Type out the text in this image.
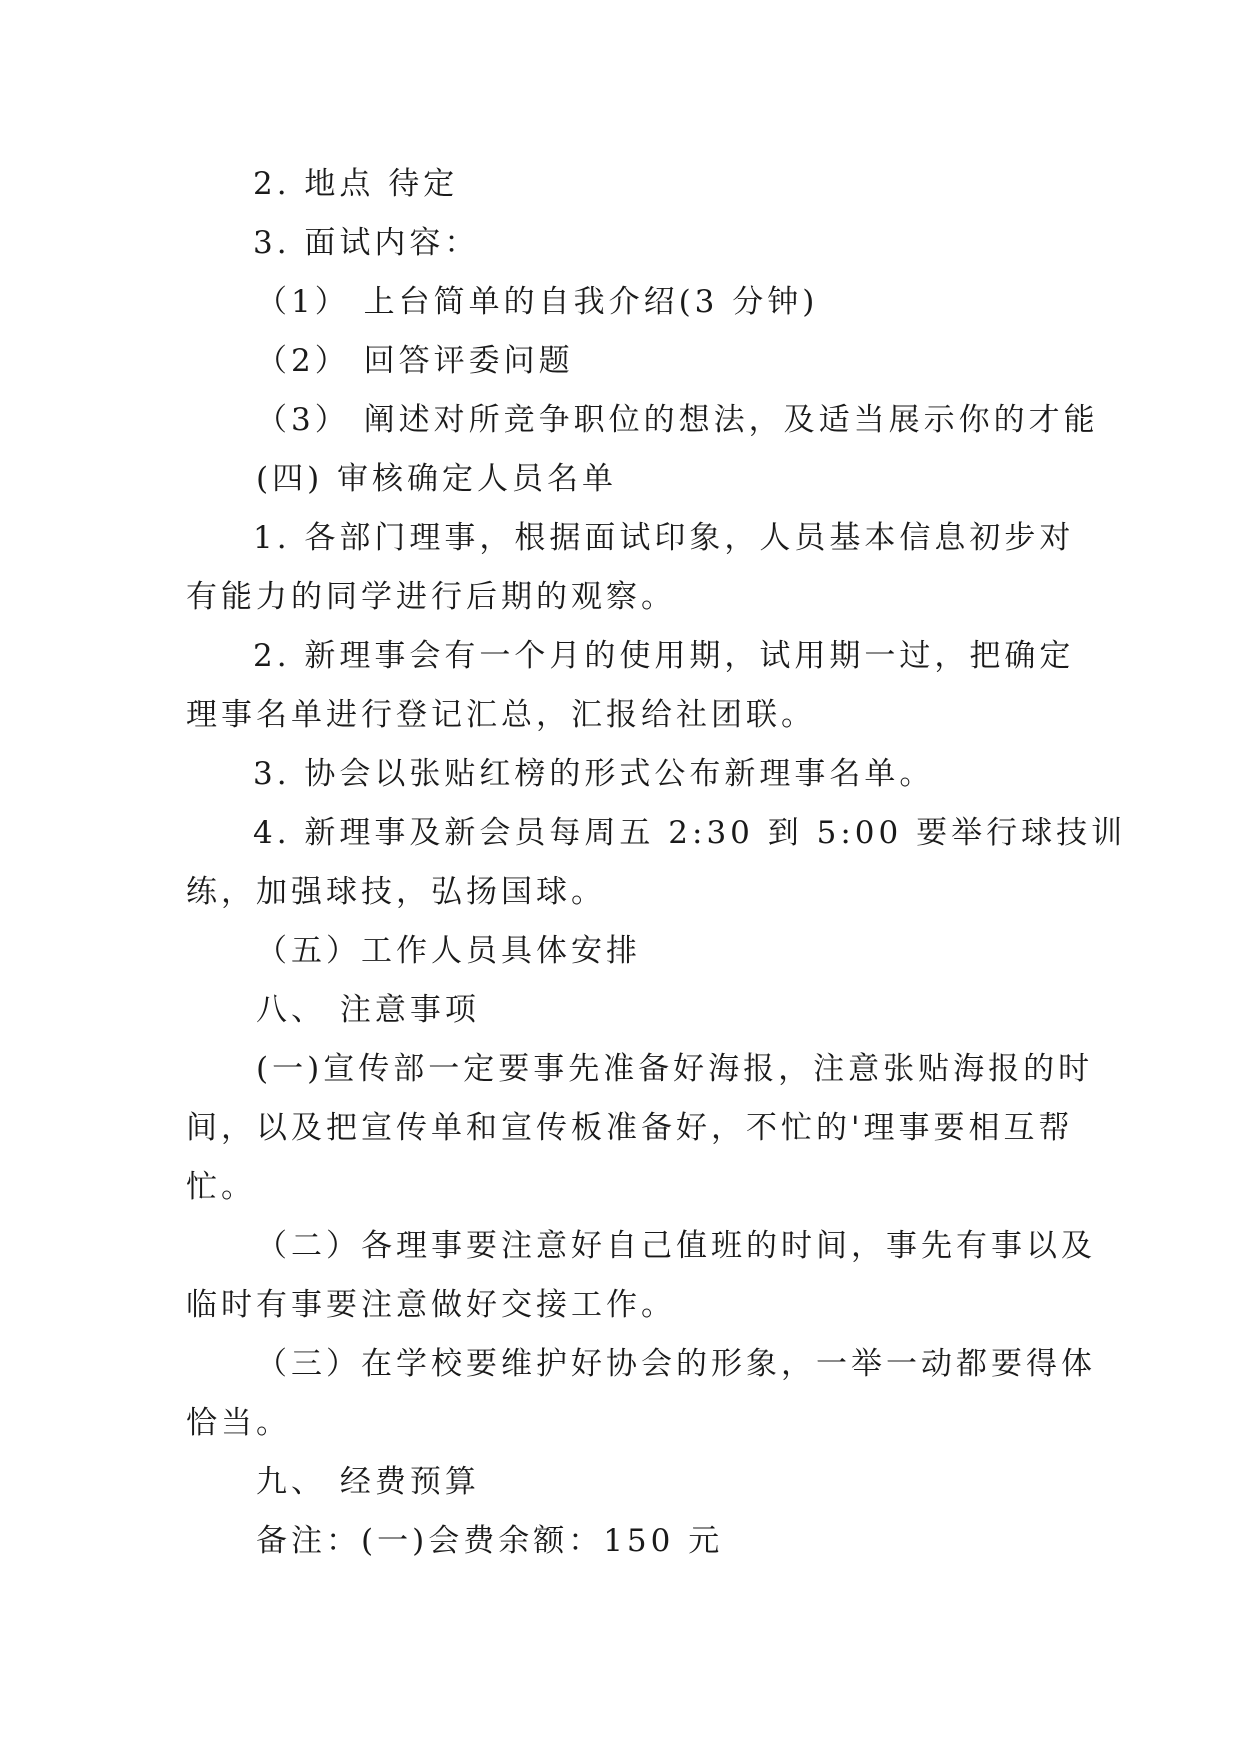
2. 地点 待定
3. 面试内容：
（1） 上台简单的自我介绍(3 分钟)
（2） 回答评委问题
（3） 阐述对所竞争职位的想法，及适当展示你的才能
(四) 审核确定人员名单
1. 各部门理事，根据面试印象，人员基本信息初步对
有能力的同学进行后期的观察。
2. 新理事会有一个月的使用期，试用期一过，把确定
理事名单进行登记汇总，汇报给社团联。
3. 协会以张贴红榜的形式公布新理事名单。
4. 新理事及新会员每周五 2:30 到 5:00 要举行球技训
练，加强球技，弘扬国球。
（五）工作人员具体安排
八、 注意事项
(一)宣传部一定要事先准备好海报，注意张贴海报的时
间，以及把宣传单和宣传板准备好，不忙的'理事要相互帮
忙。
（二）各理事要注意好自己值班的时间，事先有事以及
临时有事要注意做好交接工作。
（三）在学校要维护好协会的形象，一举一动都要得体
恰当。
九、 经费预算
备注：(一)会费余额：150 元
